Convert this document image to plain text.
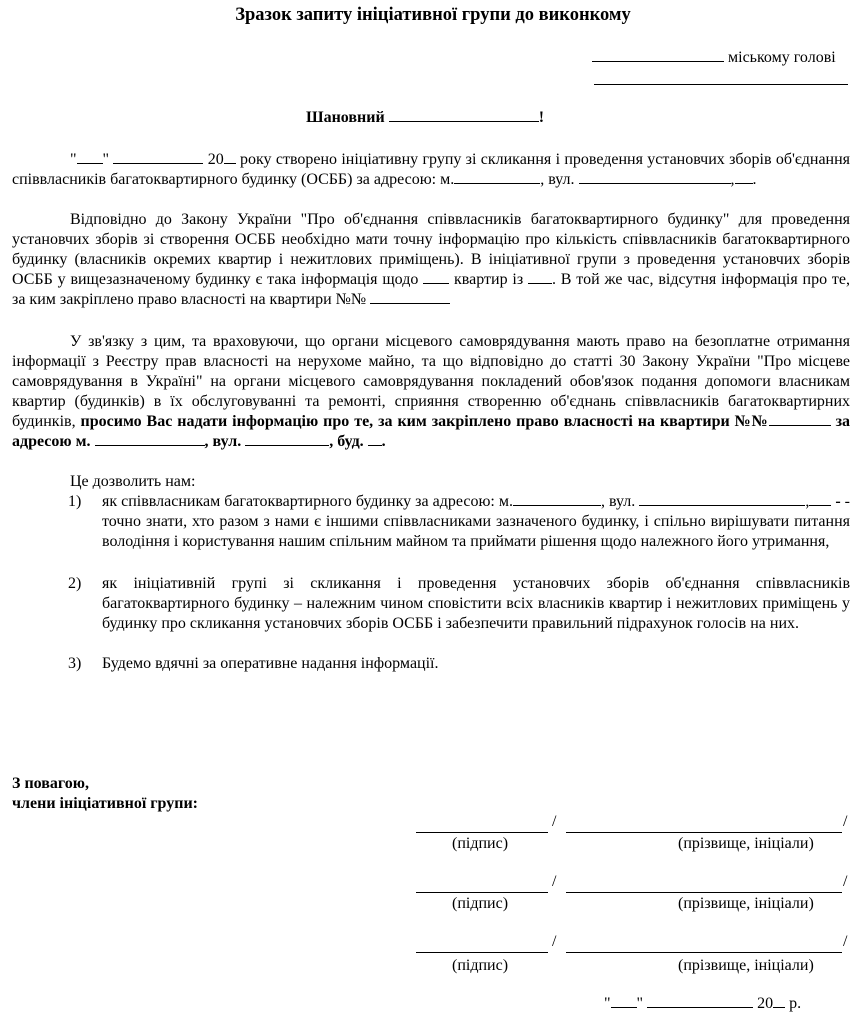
Зразок запиту ініціативної групи до виконкому
міському голові
Шановний	!
" "	20 року створено ініціативну групу зі скликання і проведення установчих зборів об'єднання співвласників багатоквартирного будинку (ОСББ) за адресою: м.	, вул.	, .
Відповідно до Закону України "Про об'єднання співвласників багатоквартирного будинку" для проведення установчих зборів зі створення ОСББ необхідно мати точну інформацію про кількість співвласників багатоквартирного будинку (власників окремих квартир і нежитлових приміщень). В ініціативної групи з проведення установчих зборів ОСББ у вищезазначеному будинку є така інформація щодо квартир із . В той же час, відсутня інформація про те, за ким закріплено право власності на квартири №№
У зв'язку з цим, та враховуючи, що органи місцевого самоврядування мають право на безоплатне отримання інформації з Реєстру прав власності на нерухоме майно, та що відповідно до статті 30 Закону України "Про місцеве самоврядування в Україні" на органи місцевого самоврядування покладений обов'язок подання допомоги власникам квартир (будинків) в їх обслуговуванні та ремонті, сприяння створенню об'єднань співвласників багатоквартирних будинків, просимо Вас надати інформацію про те, за ким закріплено право власності на квартири №№	за адресою м.	, вул.	, буд. .
Це дозволить нам:
1) як співвласникам багатоквартирного будинку за адресою: м.	, вул.	, - - точно знати, хто разом з нами є іншими співвласниками зазначеного будинку, і спільно вирішувати питання володіння і користування нашим спільним майном та приймати рішення щодо належного його утримання,
2) як ініціативній групі зі скликання і проведення установчих зборів об'єднання співвласників багатоквартирного будинку – належним чином сповістити всіх власників квартир і нежитлових приміщень у будинку про скликання установчих зборів ОСББ і забезпечити правильний підрахунок голосів на них.
3) Будемо вдячні за оперативне надання інформації.
З повагою,
члени ініціативної групи:
/	/
(підпис)	(прізвище, ініціали)
/	/
(підпис)	(прізвище, ініціали)
/	/
(підпис)	(прізвище, ініціали)
" "	20 р.
